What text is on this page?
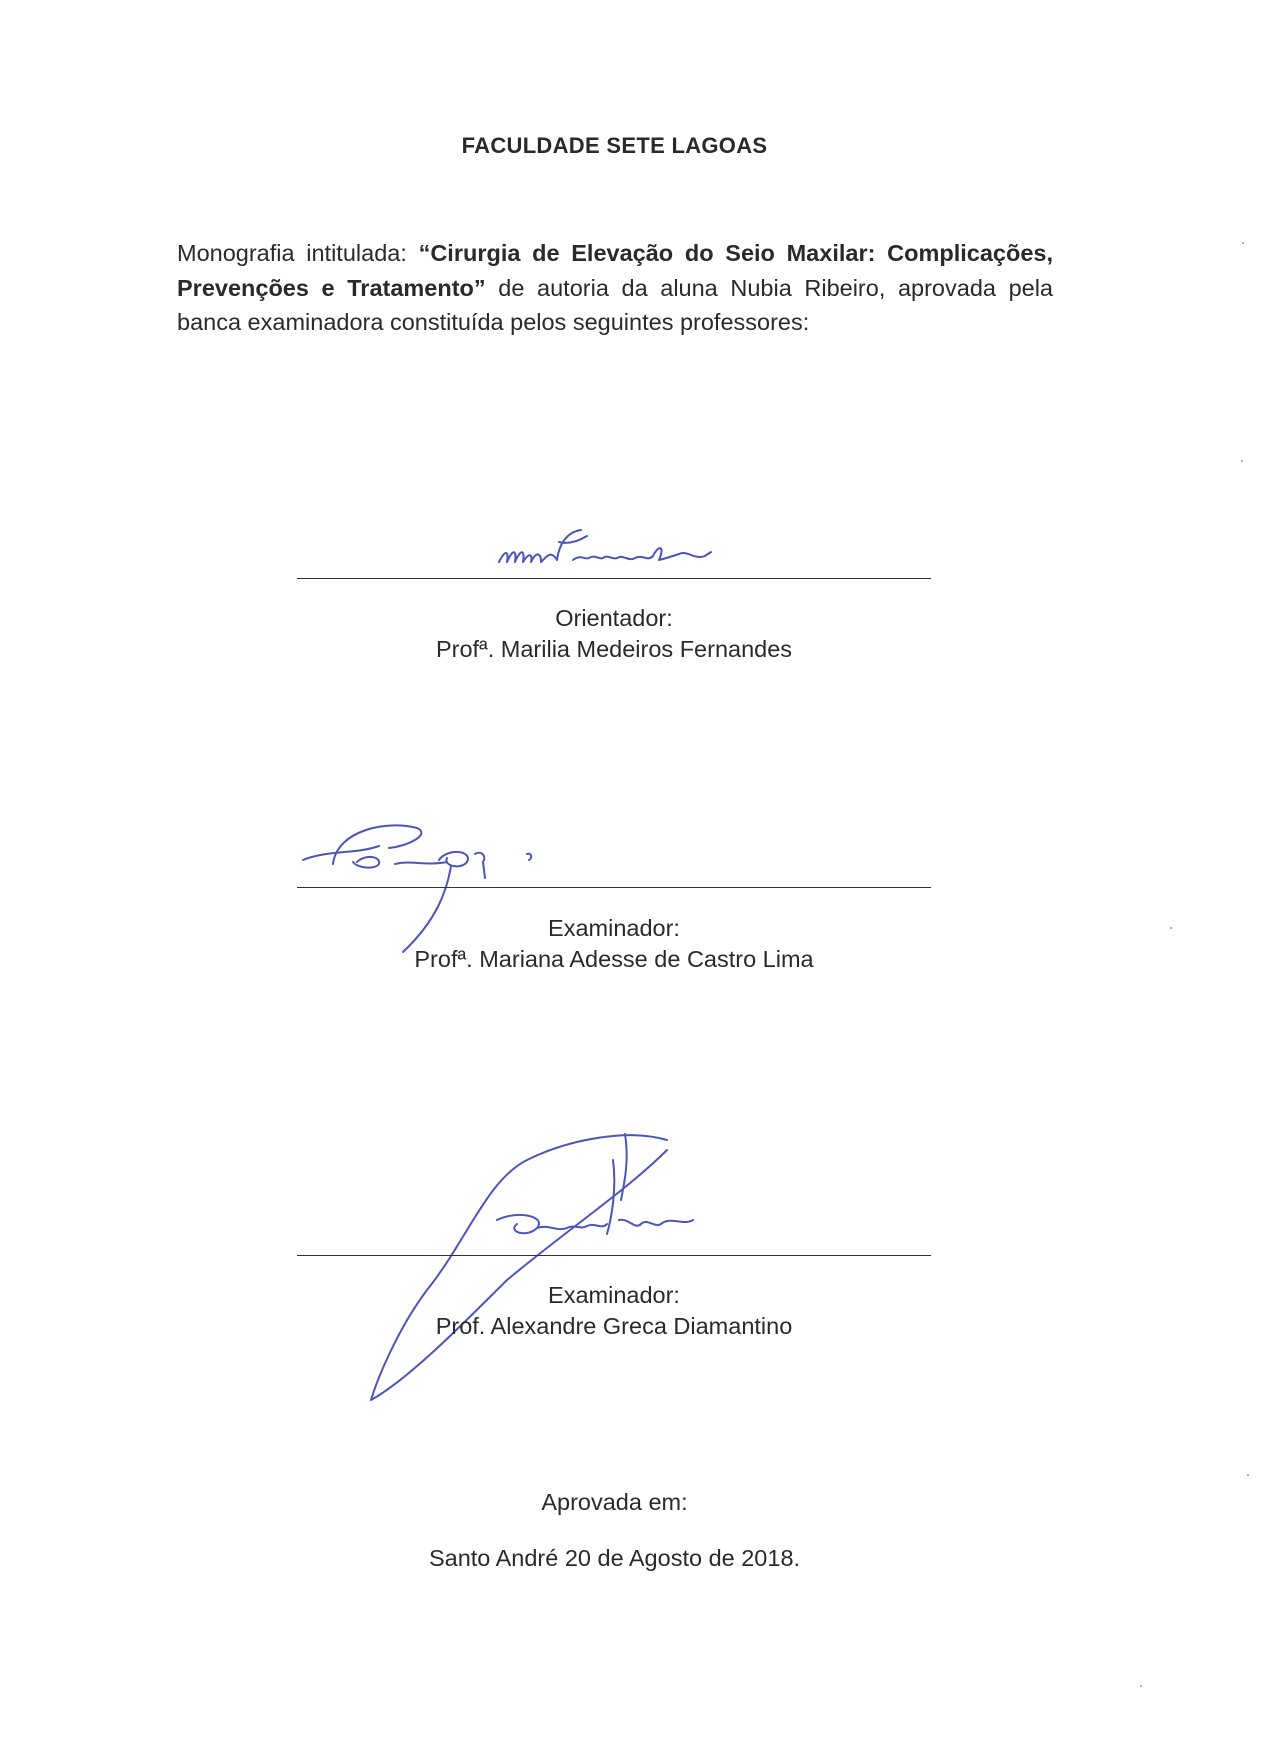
FACULDADE SETE LAGOAS
Monografia intitulada: “Cirurgia de Elevação do Seio Maxilar: Complicações, Prevenções e Tratamento” de autoria da aluna Nubia Ribeiro, aprovada pela banca examinadora constituída pelos seguintes professores:
Orientador:
Profª. Marilia Medeiros Fernandes
Examinador:
Profª. Mariana Adesse de Castro Lima
Examinador:
Prof. Alexandre Greca Diamantino
Aprovada em:
Santo André 20 de Agosto de 2018.
